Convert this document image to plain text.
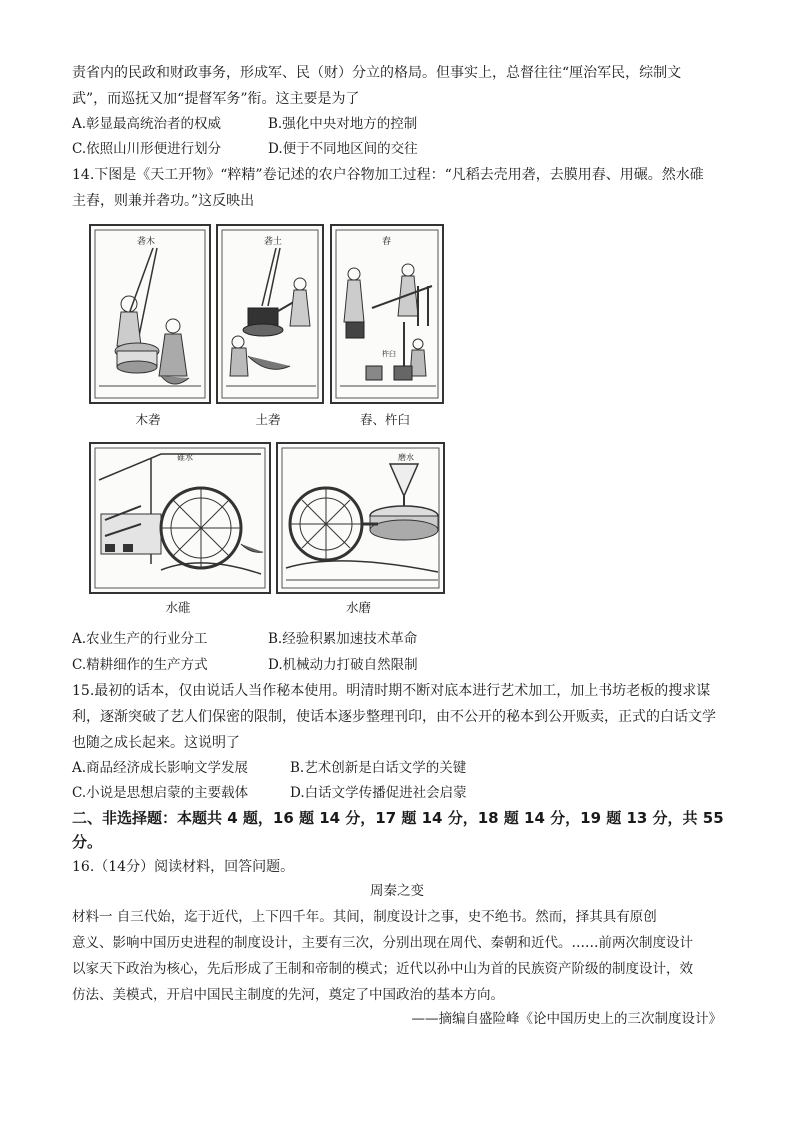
责省内的民政和财政事务，形成军、民（财）分立的格局。但事实上，总督往往“厘治军民，综制文
武”，而巡抚又加“提督军务”衔。这主要是为了
A.彰显最高统治者的权威	B.强化中央对地方的控制
C.依照山川形便进行划分	D.便于不同地区间的交往
14.下图是《天工开物》“粹精”卷记述的农户谷物加工过程：“凡稻去壳用砻，去膜用舂、用碾。然水碓
主舂，则兼并砻功。”这反映出
砻木
木砻
砻土
土砻
舂
杵臼
舂、杵臼
碓水
水碓
磨水
水磨
A.农业生产的行业分工	B.经验积累加速技术革命
C.精耕细作的生产方式	D.机械动力打破自然限制
15.最初的话本，仅由说话人当作秘本使用。明清时期不断对底本进行艺术加工，加上书坊老板的搜求谋
利，逐渐突破了艺人们保密的限制，使话本逐步整理刊印，由不公开的秘本到公开贩卖，正式的白话文学
也随之成长起来。这说明了
A.商品经济成长影响文学发展	B.艺术创新是白话文学的关键
C.小说是思想启蒙的主要载体	D.白话文学传播促进社会启蒙
二、非选择题：本题共 4 题，16 题 14 分，17 题 14 分，18 题 14 分，19 题 13 分，共 55
分。
16.（14分）阅读材料，回答问题。
周秦之变
材料一 自三代始，迄于近代，上下四千年。其间，制度设计之事，史不绝书。然而，择其具有原创
意义、影响中国历史进程的制度设计，主要有三次，分别出现在周代、秦朝和近代。……前两次制度设计
以家天下政治为核心，先后形成了王制和帝制的模式；近代以孙中山为首的民族资产阶级的制度设计，效
仿法、美模式，开启中国民主制度的先河，奠定了中国政治的基本方向。
——摘编自盛险峰《论中国历史上的三次制度设计》
